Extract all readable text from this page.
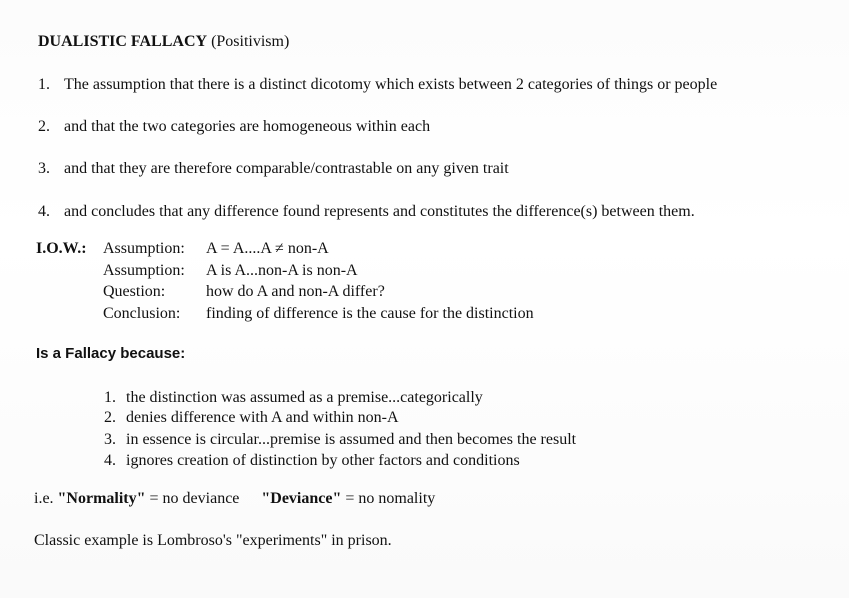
DUALISTIC FALLACY (Positivism)
1. The assumption that there is a distinct dicotomy which exists between 2 categories of things or people
2. and that the two categories are homogeneous within each
3. and that they are therefore comparable/contrastable on any given trait
4. and concludes that any difference found represents and constitutes the difference(s) between them.
I.O.W.:	Assumption: A = A....A ≠ non-A
Assumption: A is A...non-A is non-A
Question:	how do A and non-A differ?
Conclusion: finding of difference is the cause for the distinction
Is a Fallacy because:
1. the distinction was assumed as a premise...categorically
2. denies difference with A and within non-A
3. in essence is circular...premise is assumed and then becomes the result
4. ignores creation of distinction by other factors and conditions
i.e. "Normality" = no deviance "Deviance" = no nomality
Classic example is Lombroso's "experiments" in prison.
